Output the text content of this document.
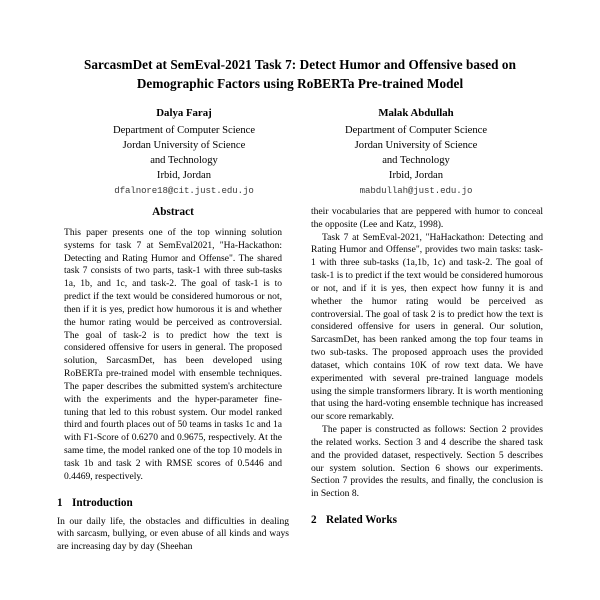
SarcasmDet at SemEval-2021 Task 7: Detect Humor and Offensive based on Demographic Factors using RoBERTa Pre-trained Model
Dalya Faraj
Department of Computer Science
Jordan University of Science
and Technology
Irbid, Jordan
dfalnore18@cit.just.edu.jo
Malak Abdullah
Department of Computer Science
Jordan University of Science
and Technology
Irbid, Jordan
mabdullah@just.edu.jo
Abstract

This paper presents one of the top winning solution systems for task 7 at SemEval2021, "Ha-Hackathon: Detecting and Rating Humor and Offense". The shared task 7 consists of two parts, task-1 with three sub-tasks 1a, 1b, and 1c, and task-2. The goal of task-1 is to predict if the text would be considered humorous or not, then if it is yes, predict how humorous it is and whether the humor rating would be perceived as controversial. The goal of task-2 is to predict how the text is considered offensive for users in general. The proposed solution, SarcasmDet, has been developed using RoBERTa pre-trained model with ensemble techniques. The paper describes the submitted system's architecture with the experiments and the hyper-parameter fine-tuning that led to this robust system. Our model ranked third and fourth places out of 50 teams in tasks 1c and 1a with F1-Score of 0.6270 and 0.9675, respectively. At the same time, the model ranked one of the top 10 models in task 1b and task 2 with RMSE scores of 0.5446 and 0.4469, respectively.

1 Introduction

In our daily life, the obstacles and difficulties in dealing with sarcasm, bullying, or even abuse of all kinds and ways are increasing day by day (Sheehan

their vocabularies that are peppered with humor to conceal the opposite (Lee and Katz, 1998).

Task 7 at SemEval-2021, "HaHackathon: Detecting and Rating Humor and Offense", provides two main tasks: task-1 with three sub-tasks (1a,1b, 1c) and task-2. The goal of task-1 is to predict if the text would be considered humorous or not, and if it is yes, then expect how funny it is and whether the humor rating would be perceived as controversial. The goal of task 2 is to predict how the text is considered offensive for users in general. Our solution, SarcasmDet, has been ranked among the top four teams in two sub-tasks. The proposed approach uses the provided dataset, which contains 10K of row text data. We have experimented with several pre-trained language models using the simple transformers library. It is worth mentioning that using the hard-voting ensemble technique has increased our score remarkably.

The paper is constructed as follows: Section 2 provides the related works. Section 3 and 4 describe the shared task and the provided dataset, respectively. Section 5 describes our system solution. Section 6 shows our experiments. Section 7 provides the results, and finally, the conclusion is in Section 8.

2 Related Works
